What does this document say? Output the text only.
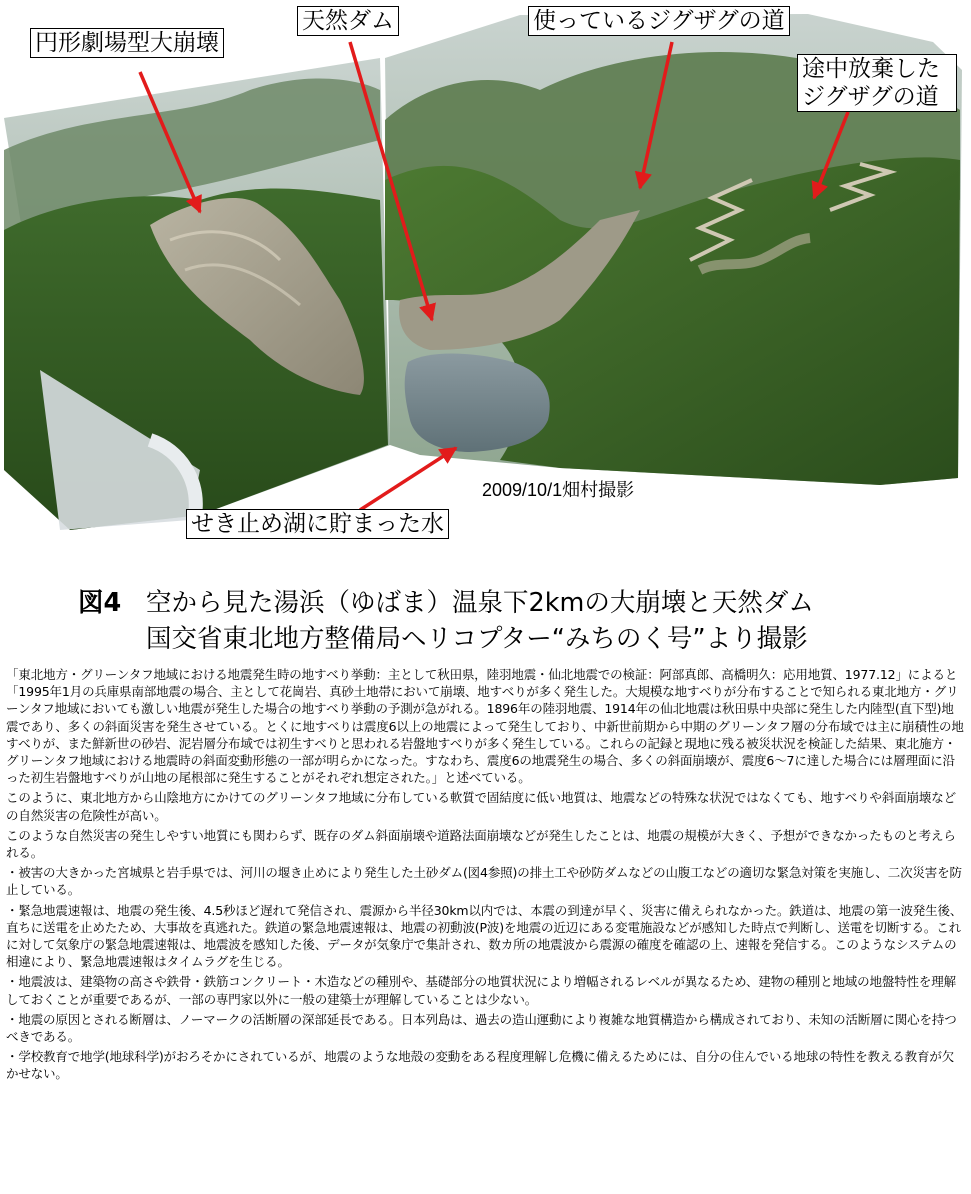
円形劇場型大崩壊
天然ダム	使っているジグザグの道
途中放棄した
ジグザグの道
せき止め湖に貯まった水
2009/10/1畑村撮影
図4 空から見た湯浜（ゆばま）温泉下2kmの大崩壊と天然ダム
国交省東北地方整備局ヘリコプター“みちのく号”より撮影

「東北地方・グリーンタフ地域における地震発生時の地すべり挙動：主として秋田県，陸羽地震・仙北地震での検証：阿部真郎、高橋明久：応用地質、1977.12」によると「1995年1月の兵庫県南部地震の場合、主として花崗岩、真砂土地帯において崩壊、地すべりが多く発生した。大規模な地すべりが分布することで知られる東北地方・グリーンタフ地域においても激しい地震が発生した場合の地すべり挙動の予測が急がれる。1896年の陸羽地震、1914年の仙北地震は秋田県中央部に発生した内陸型(直下型)地震であり、多くの斜面災害を発生させている。とくに地すべりは震度6以上の地震によって発生しており、中新世前期から中期のグリーンタフ層の分布域では主に崩積性の地すべりが、また鮮新世の砂岩、泥岩層分布域では初生すべりと思われる岩盤地すべりが多く発生している。これらの記録と現地に残る被災状況を検証した結果、東北施方・グリーンタフ地域における地震時の斜面変動形態の一部が明らかになった。すなわち、震度6の地震発生の場合、多くの斜面崩壊が、震度6～7に達した場合には層理面に沿った初生岩盤地すべりが山地の尾根部に発生することがそれぞれ想定された。」と述べている。

このように、東北地方から山陰地方にかけてのグリーンタフ地域に分布している軟質で固結度に低い地質は、地震などの特殊な状況ではなくても、地すべりや斜面崩壊などの自然災害の危険性が高い。

このような自然災害の発生しやすい地質にも関わらず、既存のダム斜面崩壊や道路法面崩壊などが発生したことは、地震の規模が大きく、予想ができなかったものと考えられる。

・被害の大きかった宮城県と岩手県では、河川の堰き止めにより発生した土砂ダム(図4参照)の排土工や砂防ダムなどの山腹工などの適切な緊急対策を実施し、二次災害を防止している。

・緊急地震速報は、地震の発生後、4.5秒ほど遅れて発信され、震源から半径30km以内では、本震の到達が早く、災害に備えられなかった。鉄道は、地震の第一波発生後、直ちに送電を止めたため、大事故を真逃れた。鉄道の緊急地震速報は、地震の初動波(P波)を地震の近辺にある変電施設などが感知した時点で判断し、送電を切断する。これに対して気象庁の緊急地震速報は、地震波を感知した後、データが気象庁で集計され、数カ所の地震波から震源の確度を確認の上、速報を発信する。このようなシステムの相違により、緊急地震速報はタイムラグを生じる。

・地震波は、建築物の高さや鉄骨・鉄筋コンクリート・木造などの種別や、基礎部分の地質状況により増幅されるレベルが異なるため、建物の種別と地域の地盤特性を理解しておくことが重要であるが、一部の専門家以外に一般の建築士が理解していることは少ない。

・地震の原因とされる断層は、ノーマークの活断層の深部延長である。日本列島は、過去の造山運動により複雑な地質構造から構成されており、未知の活断層に関心を持つべきである。

・学校教育で地学(地球科学)がおろそかにされているが、地震のような地殻の変動をある程度理解し危機に備えるためには、自分の住んでいる地球の特性を教える教育が欠かせない。
